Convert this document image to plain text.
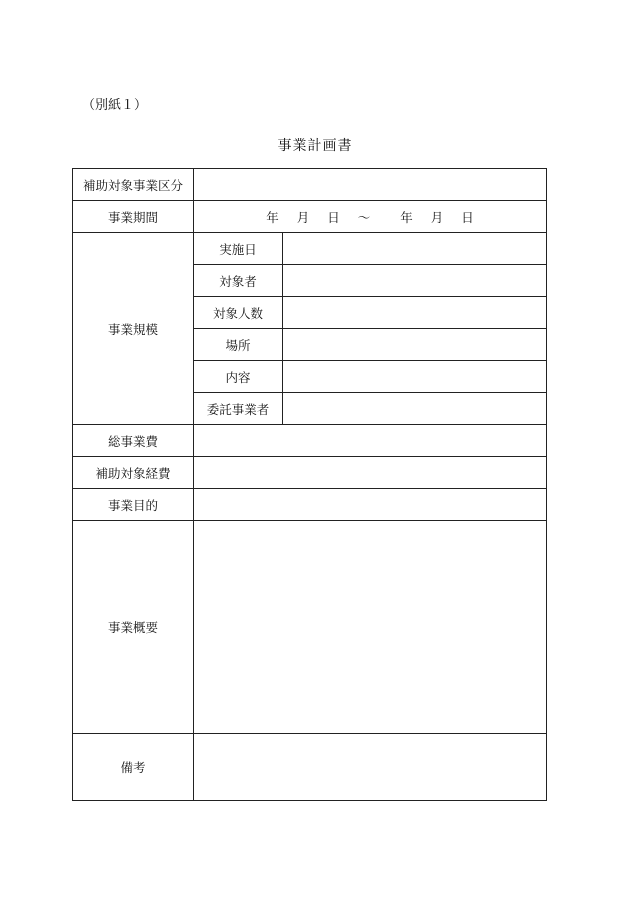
（別紙１）
事業計画書
補助対象事業区分		
事業期間	年 月 日 ～ 年 月 日	
事業規模	実施日	
	対象者	
	対象人数	
	場所	
	内容	
	委託事業者	
総事業費		
補助対象経費		
事業目的		
事業概要		
備考		
